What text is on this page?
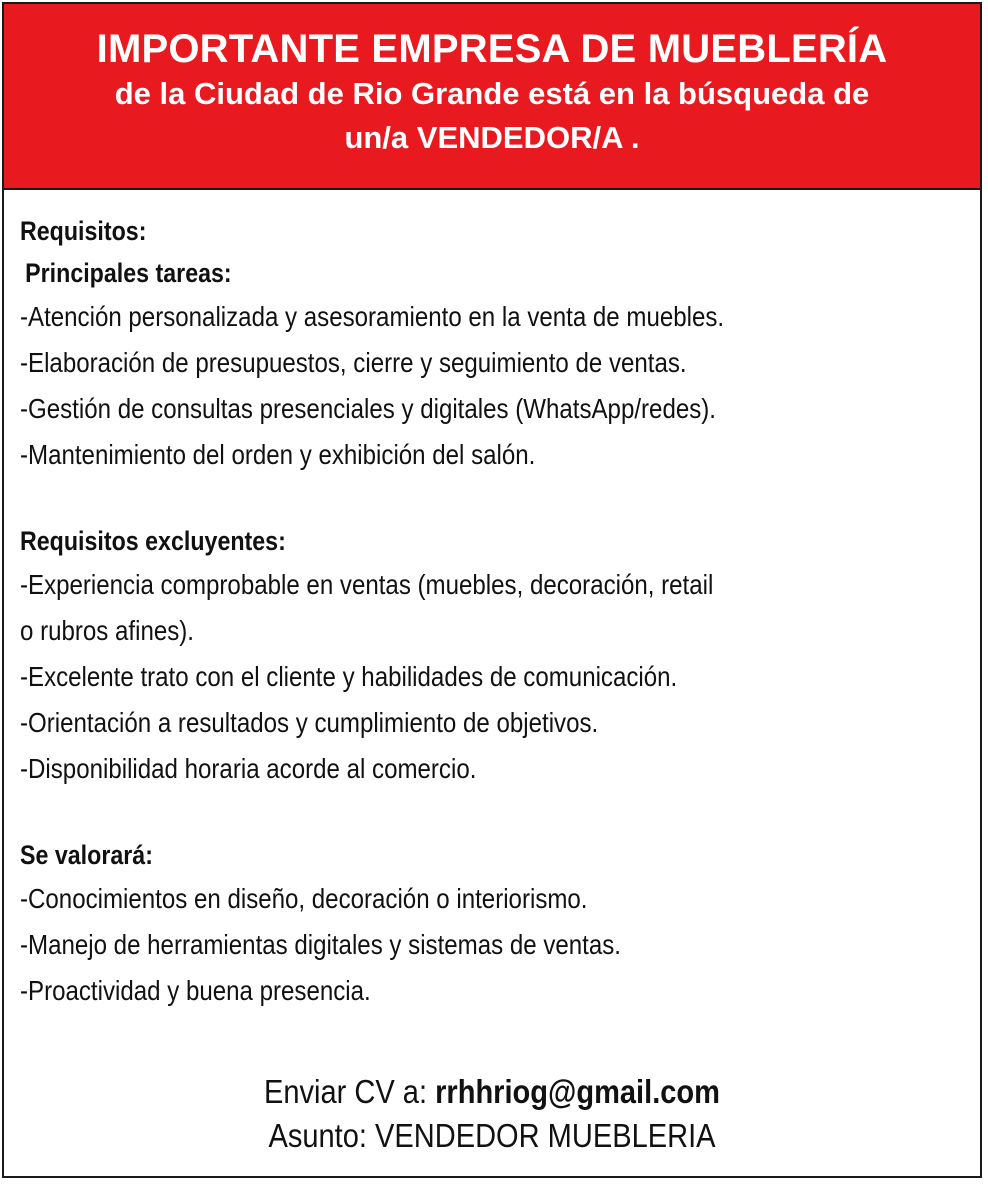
IMPORTANTE EMPRESA DE MUEBLERÍA
de la Ciudad de Rio Grande está en la búsqueda de
un/a VENDEDOR/A .
Requisitos:
Principales tareas:
-Atención personalizada y asesoramiento en la venta de muebles.
-Elaboración de presupuestos, cierre y seguimiento de ventas.
-Gestión de consultas presenciales y digitales (WhatsApp/redes).
-Mantenimiento del orden y exhibición del salón.
Requisitos excluyentes:
-Experiencia comprobable en ventas (muebles, decoración, retail
o rubros afines).
-Excelente trato con el cliente y habilidades de comunicación.
-Orientación a resultados y cumplimiento de objetivos.
-Disponibilidad horaria acorde al comercio.
Se valorará:
-Conocimientos en diseño, decoración o interiorismo.
-Manejo de herramientas digitales y sistemas de ventas.
-Proactividad y buena presencia.
Enviar CV a: rrhhriog@gmail.com
Asunto: VENDEDOR MUEBLERIA
